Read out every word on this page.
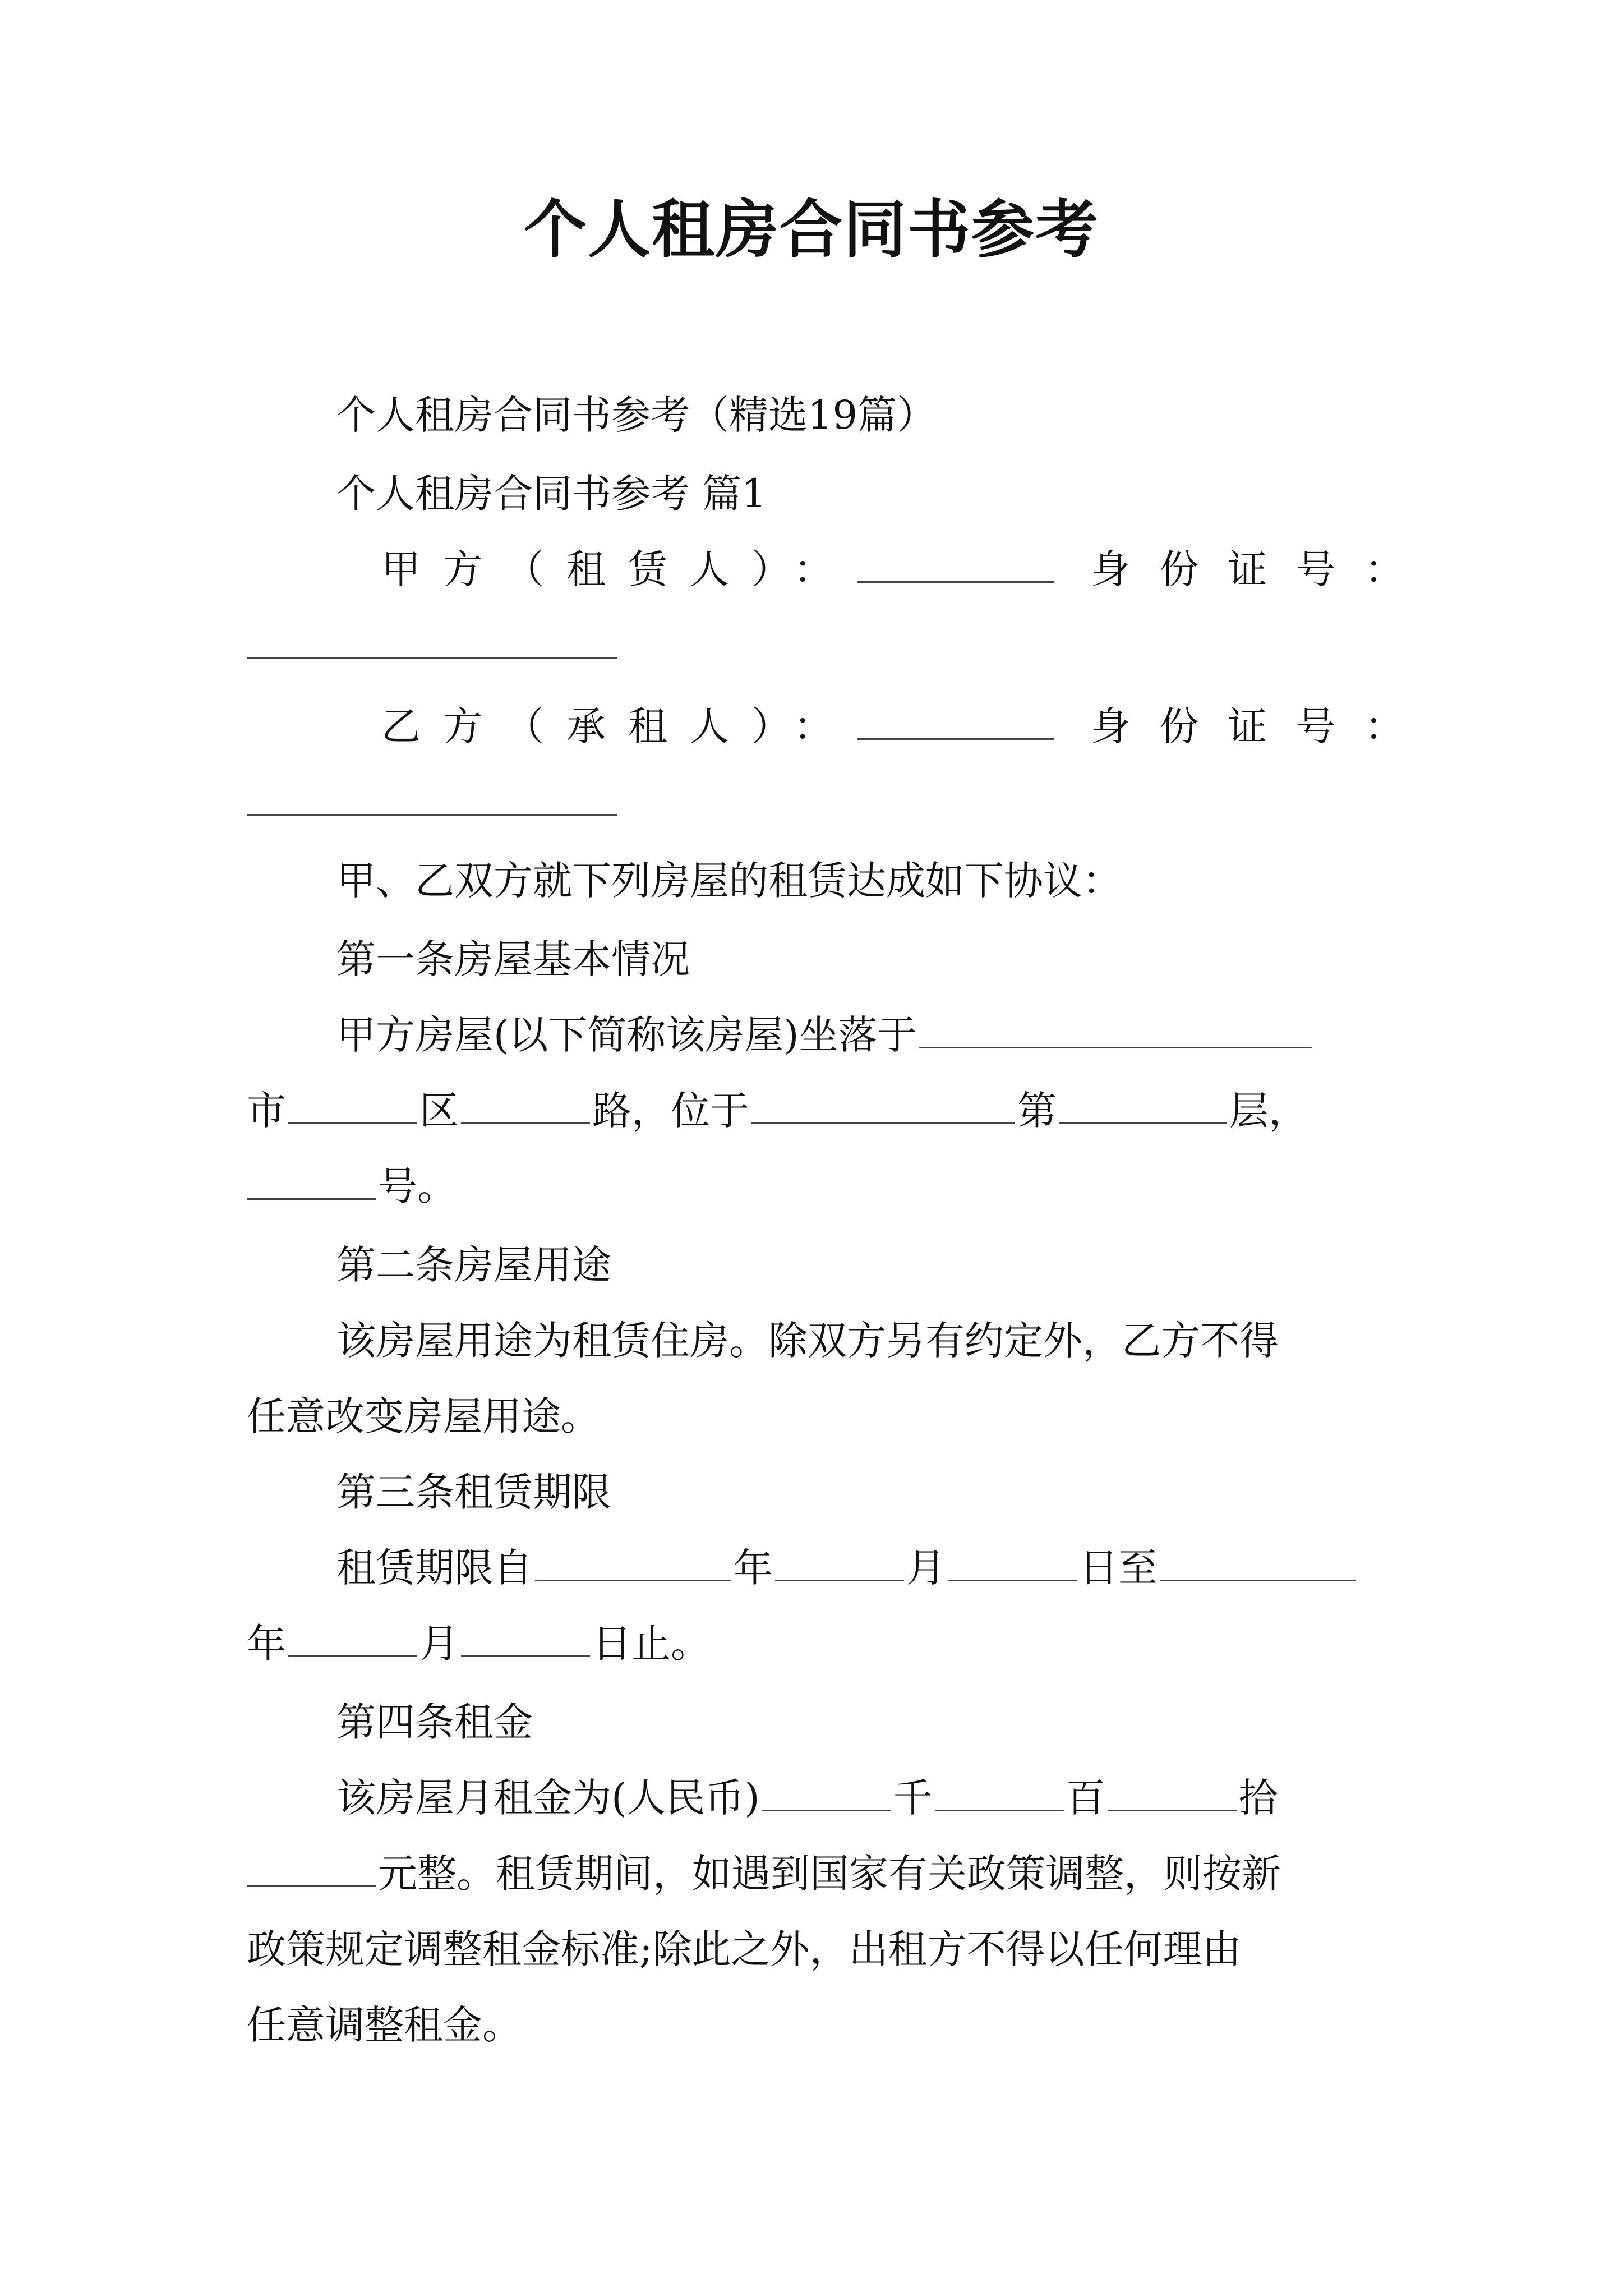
个人租房合同书参考
个人租房合同书参考（精选19篇）
个人租房合同书参考 篇1
甲方（租赁人）：	身份证号：
乙方（承租人）：	身份证号：
甲、乙双方就下列房屋的租赁达成如下协议：
第一条房屋基本情况
甲方房屋(以下简称该房屋)坐落于
市	区	路，位于	第	层，
号。
第二条房屋用途
该房屋用途为租赁住房。除双方另有约定外，乙方不得
任意改变房屋用途。
第三条租赁期限
租赁期限自	年	月	日至
年	月	日止。
第四条租金
该房屋月租金为(人民币)	千	百	拾
元整。租赁期间，如遇到国家有关政策调整，则按新
政策规定调整租金标准;除此之外，出租方不得以任何理由
任意调整租金。
